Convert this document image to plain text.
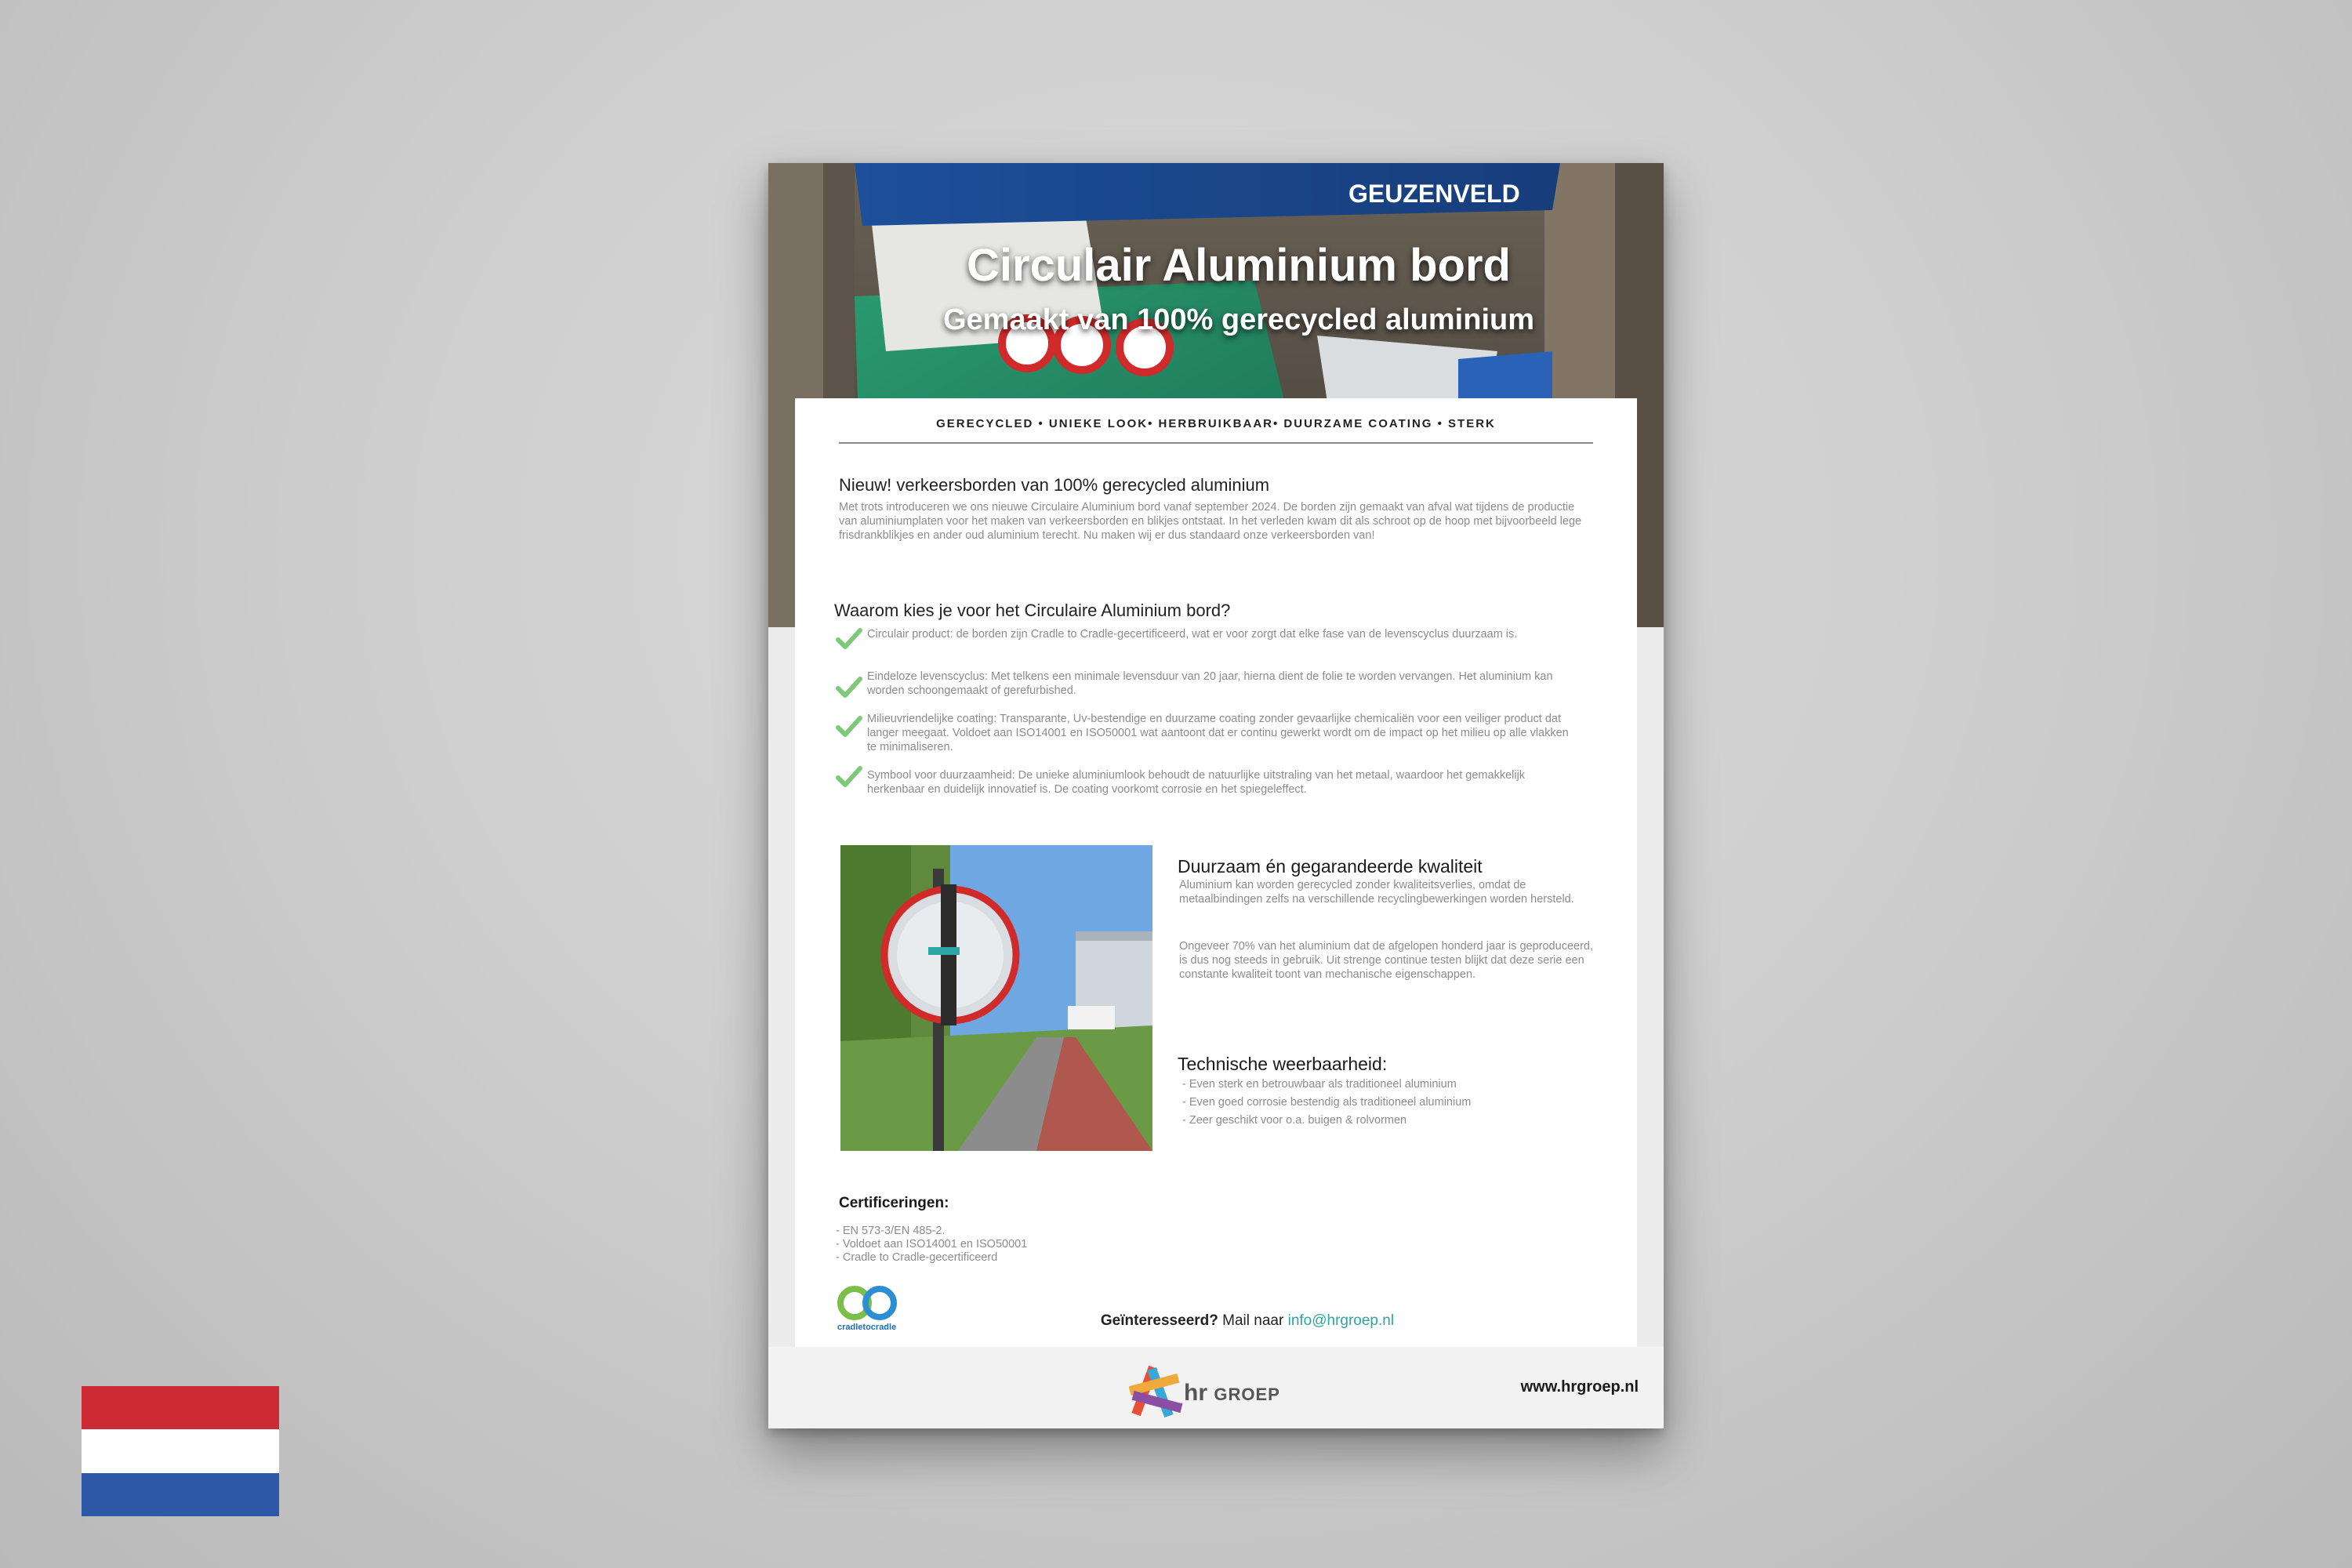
GEUZENVELD
Circulair Aluminium bord
Gemaakt van 100% gerecycled aluminium
GERECYCLED • UNIEKE LOOK• HERBRUIKBAAR• DUURZAME COATING • STERK
Nieuw! verkeersborden van 100% gerecycled aluminium
Met trots introduceren we ons nieuwe Circulaire Aluminium bord vanaf september 2024. De borden zijn gemaakt van afval wat tijdens de productie van aluminiumplaten voor het maken van verkeersborden en blikjes ontstaat. In het verleden kwam dit als schroot op de hoop met bijvoorbeeld lege frisdrankblikjes en ander oud aluminium terecht. Nu maken wij er dus standaard onze verkeersborden van!
Waarom kies je voor het Circulaire Aluminium bord?
Circulair product: de borden zijn Cradle to Cradle-gecertificeerd, wat er voor zorgt dat elke fase van de levenscyclus duurzaam is.
Eindeloze levenscyclus: Met telkens een minimale levensduur van 20 jaar, hierna dient de folie te worden vervangen. Het aluminium kan worden schoongemaakt of gerefurbished.
Milieuvriendelijke coating: Transparante, Uv-bestendige en duurzame coating zonder gevaarlijke chemicaliën voor een veiliger product dat langer meegaat. Voldoet aan ISO14001 en ISO50001 wat aantoont dat er continu gewerkt wordt om de impact op het milieu op alle vlakken te minimaliseren.
Symbool voor duurzaamheid: De unieke aluminiumlook behoudt de natuurlijke uitstraling van het metaal, waardoor het gemakkelijk herkenbaar en duidelijk innovatief is. De coating voorkomt corrosie en het spiegeleffect.
Duurzaam én gegarandeerde kwaliteit
Aluminium kan worden gerecycled zonder kwaliteitsverlies, omdat de metaalbindingen zelfs na verschillende recyclingbewerkingen worden hersteld.
Ongeveer 70% van het aluminium dat de afgelopen honderd jaar is geproduceerd, is dus nog steeds in gebruik. Uit strenge continue testen blijkt dat deze serie een constante kwaliteit toont van mechanische eigenschappen.
Technische weerbaarheid:
- Even sterk en betrouwbaar als traditioneel aluminium
- Even goed corrosie bestendig als traditioneel aluminium
- Zeer geschikt voor o.a. buigen & rolvormen
Certificeringen:
- EN 573-3/EN 485-2.
- Voldoet aan ISO14001 en ISO50001
- Cradle to Cradle-gecertificeerd
cradletocradle	Geïnteresseerd? Mail naar info@hrgroep.nl
hr GROEP	www.hrgroep.nl
